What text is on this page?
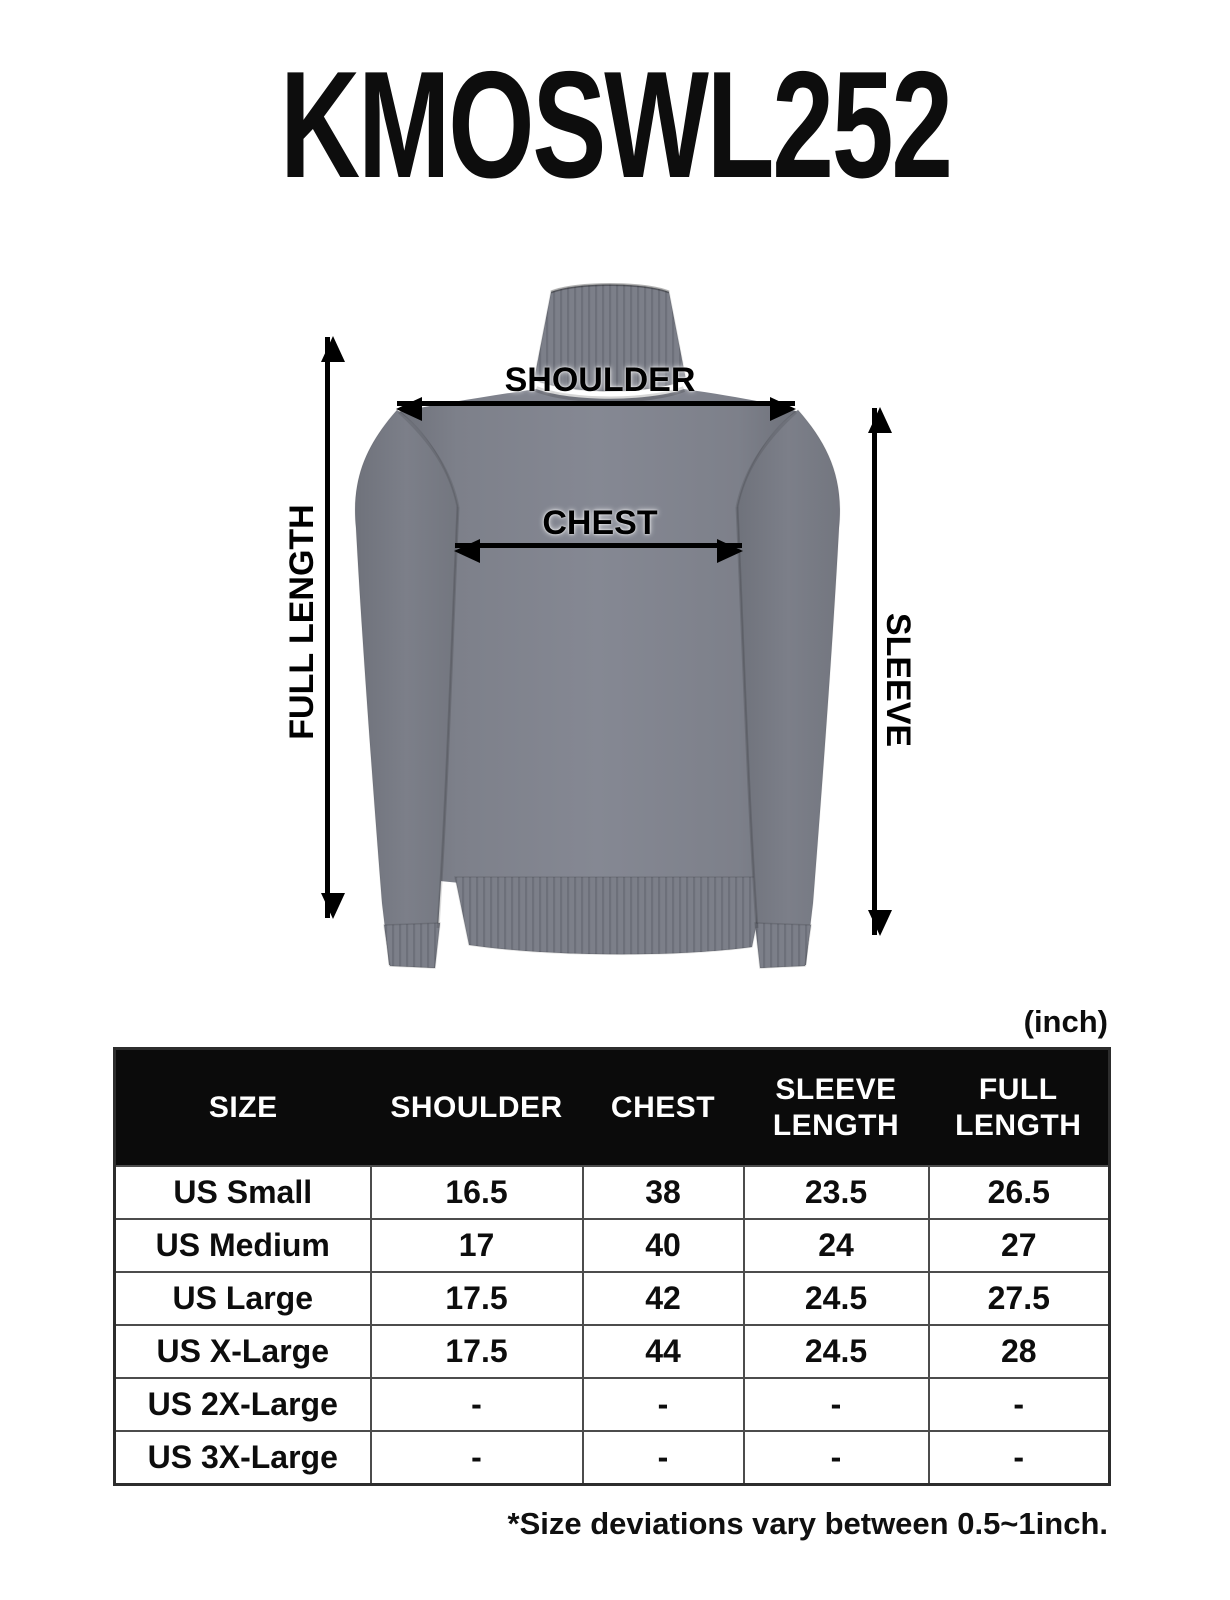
KMOSWL252
FULL LENGTH
SHOULDER
CHEST
SLEEVE
(inch)
SIZE	SHOULDER	CHEST	SLEEVE LENGTH	FULL LENGTH
US Small	16.5	38	23.5	26.5
US Medium	17	40	24	27
US Large	17.5	42	24.5	27.5
US X-Large	17.5	44	24.5	28
US 2X-Large	-	-	-	-
US 3X-Large	-	-	-	-
*Size deviations vary between 0.5~1inch.
